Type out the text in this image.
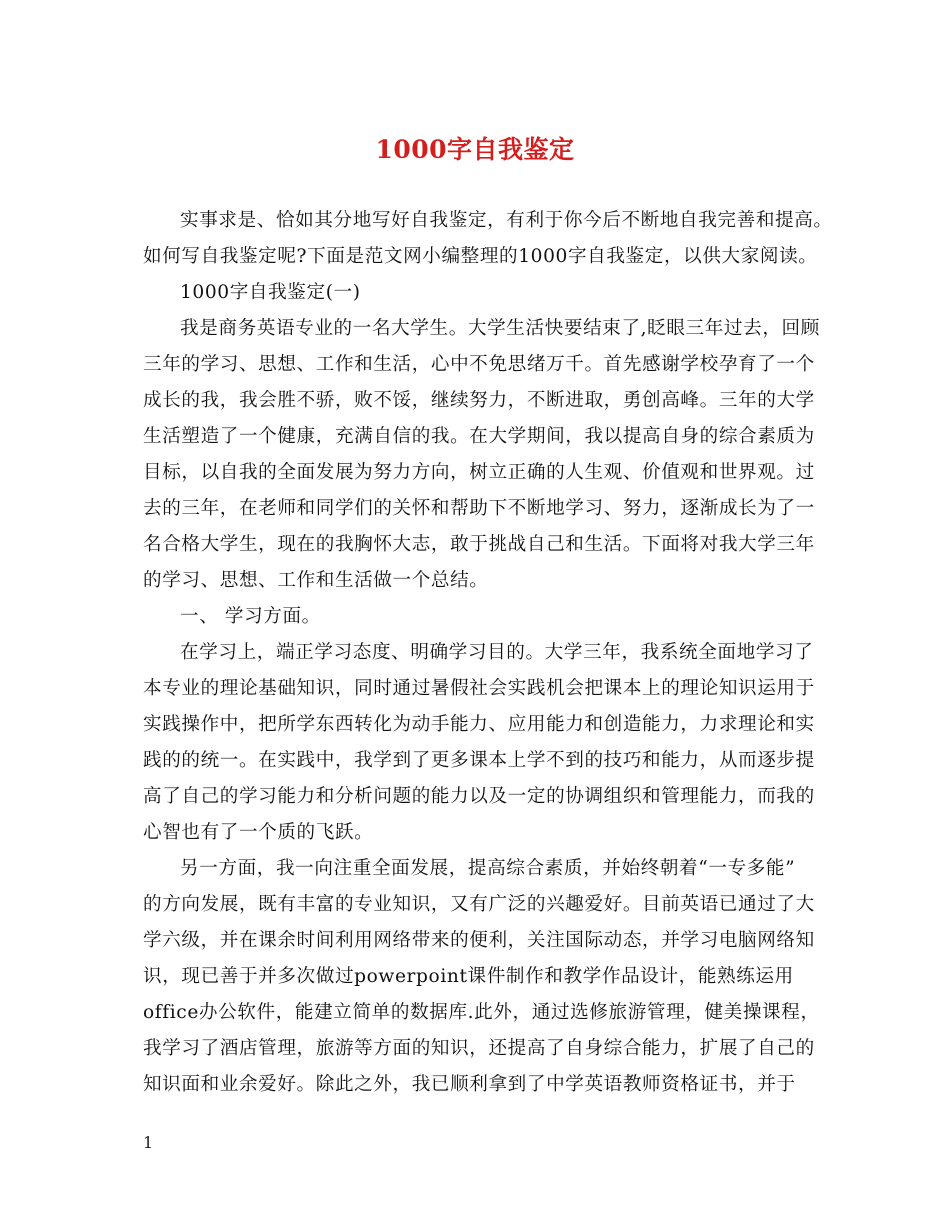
1000字自我鉴定
实事求是、恰如其分地写好自我鉴定，有利于你今后不断地自我完善和提高。
如何写自我鉴定呢?下面是范文网小编整理的1000字自我鉴定，以供大家阅读。
1000字自我鉴定(一)
我是商务英语专业的一名大学生。大学生活快要结束了,眨眼三年过去，回顾
三年的学习、思想、工作和生活，心中不免思绪万千。首先感谢学校孕育了一个
成长的我，我会胜不骄，败不馁，继续努力，不断进取，勇创高峰。三年的大学
生活塑造了一个健康，充满自信的我。在大学期间，我以提高自身的综合素质为
目标，以自我的全面发展为努力方向，树立正确的人生观、价值观和世界观。过
去的三年，在老师和同学们的关怀和帮助下不断地学习、努力，逐渐成长为了一
名合格大学生，现在的我胸怀大志，敢于挑战自己和生活。下面将对我大学三年
的学习、思想、工作和生活做一个总结。
一、 学习方面。
在学习上，端正学习态度、明确学习目的。大学三年，我系统全面地学习了
本专业的理论基础知识，同时通过暑假社会实践机会把课本上的理论知识运用于
实践操作中，把所学东西转化为动手能力、应用能力和创造能力，力求理论和实
践的的统一。在实践中，我学到了更多课本上学不到的技巧和能力，从而逐步提
高了自己的学习能力和分析问题的能力以及一定的协调组织和管理能力，而我的
心智也有了一个质的飞跃。
另一方面，我一向注重全面发展，提高综合素质，并始终朝着“一专多能”
的方向发展，既有丰富的专业知识，又有广泛的兴趣爱好。目前英语已通过了大
学六级，并在课余时间利用网络带来的便利，关注国际动态，并学习电脑网络知
识，现已善于并多次做过powerpoint课件制作和教学作品设计，能熟练运用
office办公软件，能建立简单的数据库.此外，通过选修旅游管理，健美操课程，
我学习了酒店管理，旅游等方面的知识，还提高了自身综合能力，扩展了自己的
知识面和业余爱好。除此之外，我已顺利拿到了中学英语教师资格证书，并于
1
